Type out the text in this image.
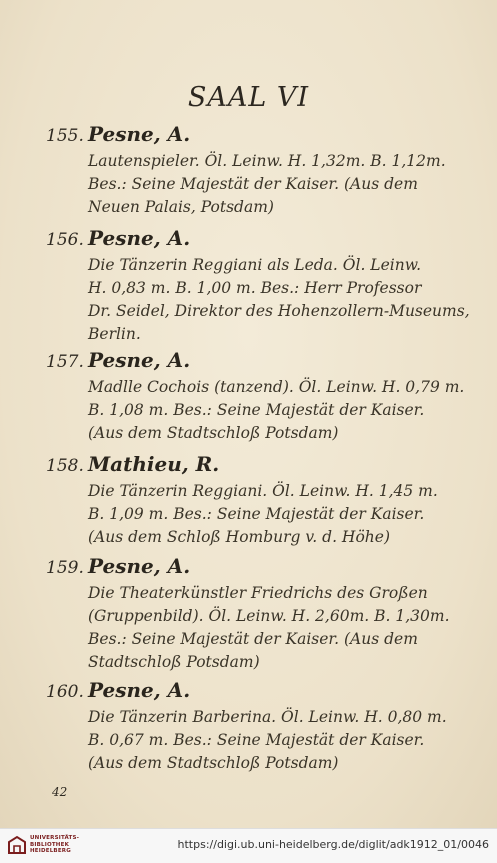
SAAL VI
155. Pesne, A.
Lautenspieler. Öl. Leinw. H. 1,32m. B. 1,12m.
Bes.: Seine Majestät der Kaiser. (Aus dem
Neuen Palais, Potsdam)
156. Pesne, A.
Die Tänzerin Reggiani als Leda. Öl. Leinw.
H. 0,83 m. B. 1,00 m. Bes.: Herr Professor
Dr. Seidel, Direktor des Hohenzollern-Museums,
Berlin.
157. Pesne, A.
Madlle Cochois (tanzend). Öl. Leinw. H. 0,79 m.
B. 1,08 m. Bes.: Seine Majestät der Kaiser.
(Aus dem Stadtschloß Potsdam)
158. Mathieu, R.
Die Tänzerin Reggiani. Öl. Leinw. H. 1,45 m.
B. 1,09 m. Bes.: Seine Majestät der Kaiser.
(Aus dem Schloß Homburg v. d. Höhe)
159. Pesne, A.
Die Theaterkünstler Friedrichs des Großen
(Gruppenbild). Öl. Leinw. H. 2,60m. B. 1,30m.
Bes.: Seine Majestät der Kaiser. (Aus dem
Stadtschloß Potsdam)
160. Pesne, A.
Die Tänzerin Barberina. Öl. Leinw. H. 0,80 m.
B. 0,67 m. Bes.: Seine Majestät der Kaiser.
(Aus dem Stadtschloß Potsdam)
42
UNIVERSITÄTS-
BIBLIOTHEK
HEIDELBERG	https://digi.ub.uni-heidelberg.de/diglit/adk1912_01/0046
